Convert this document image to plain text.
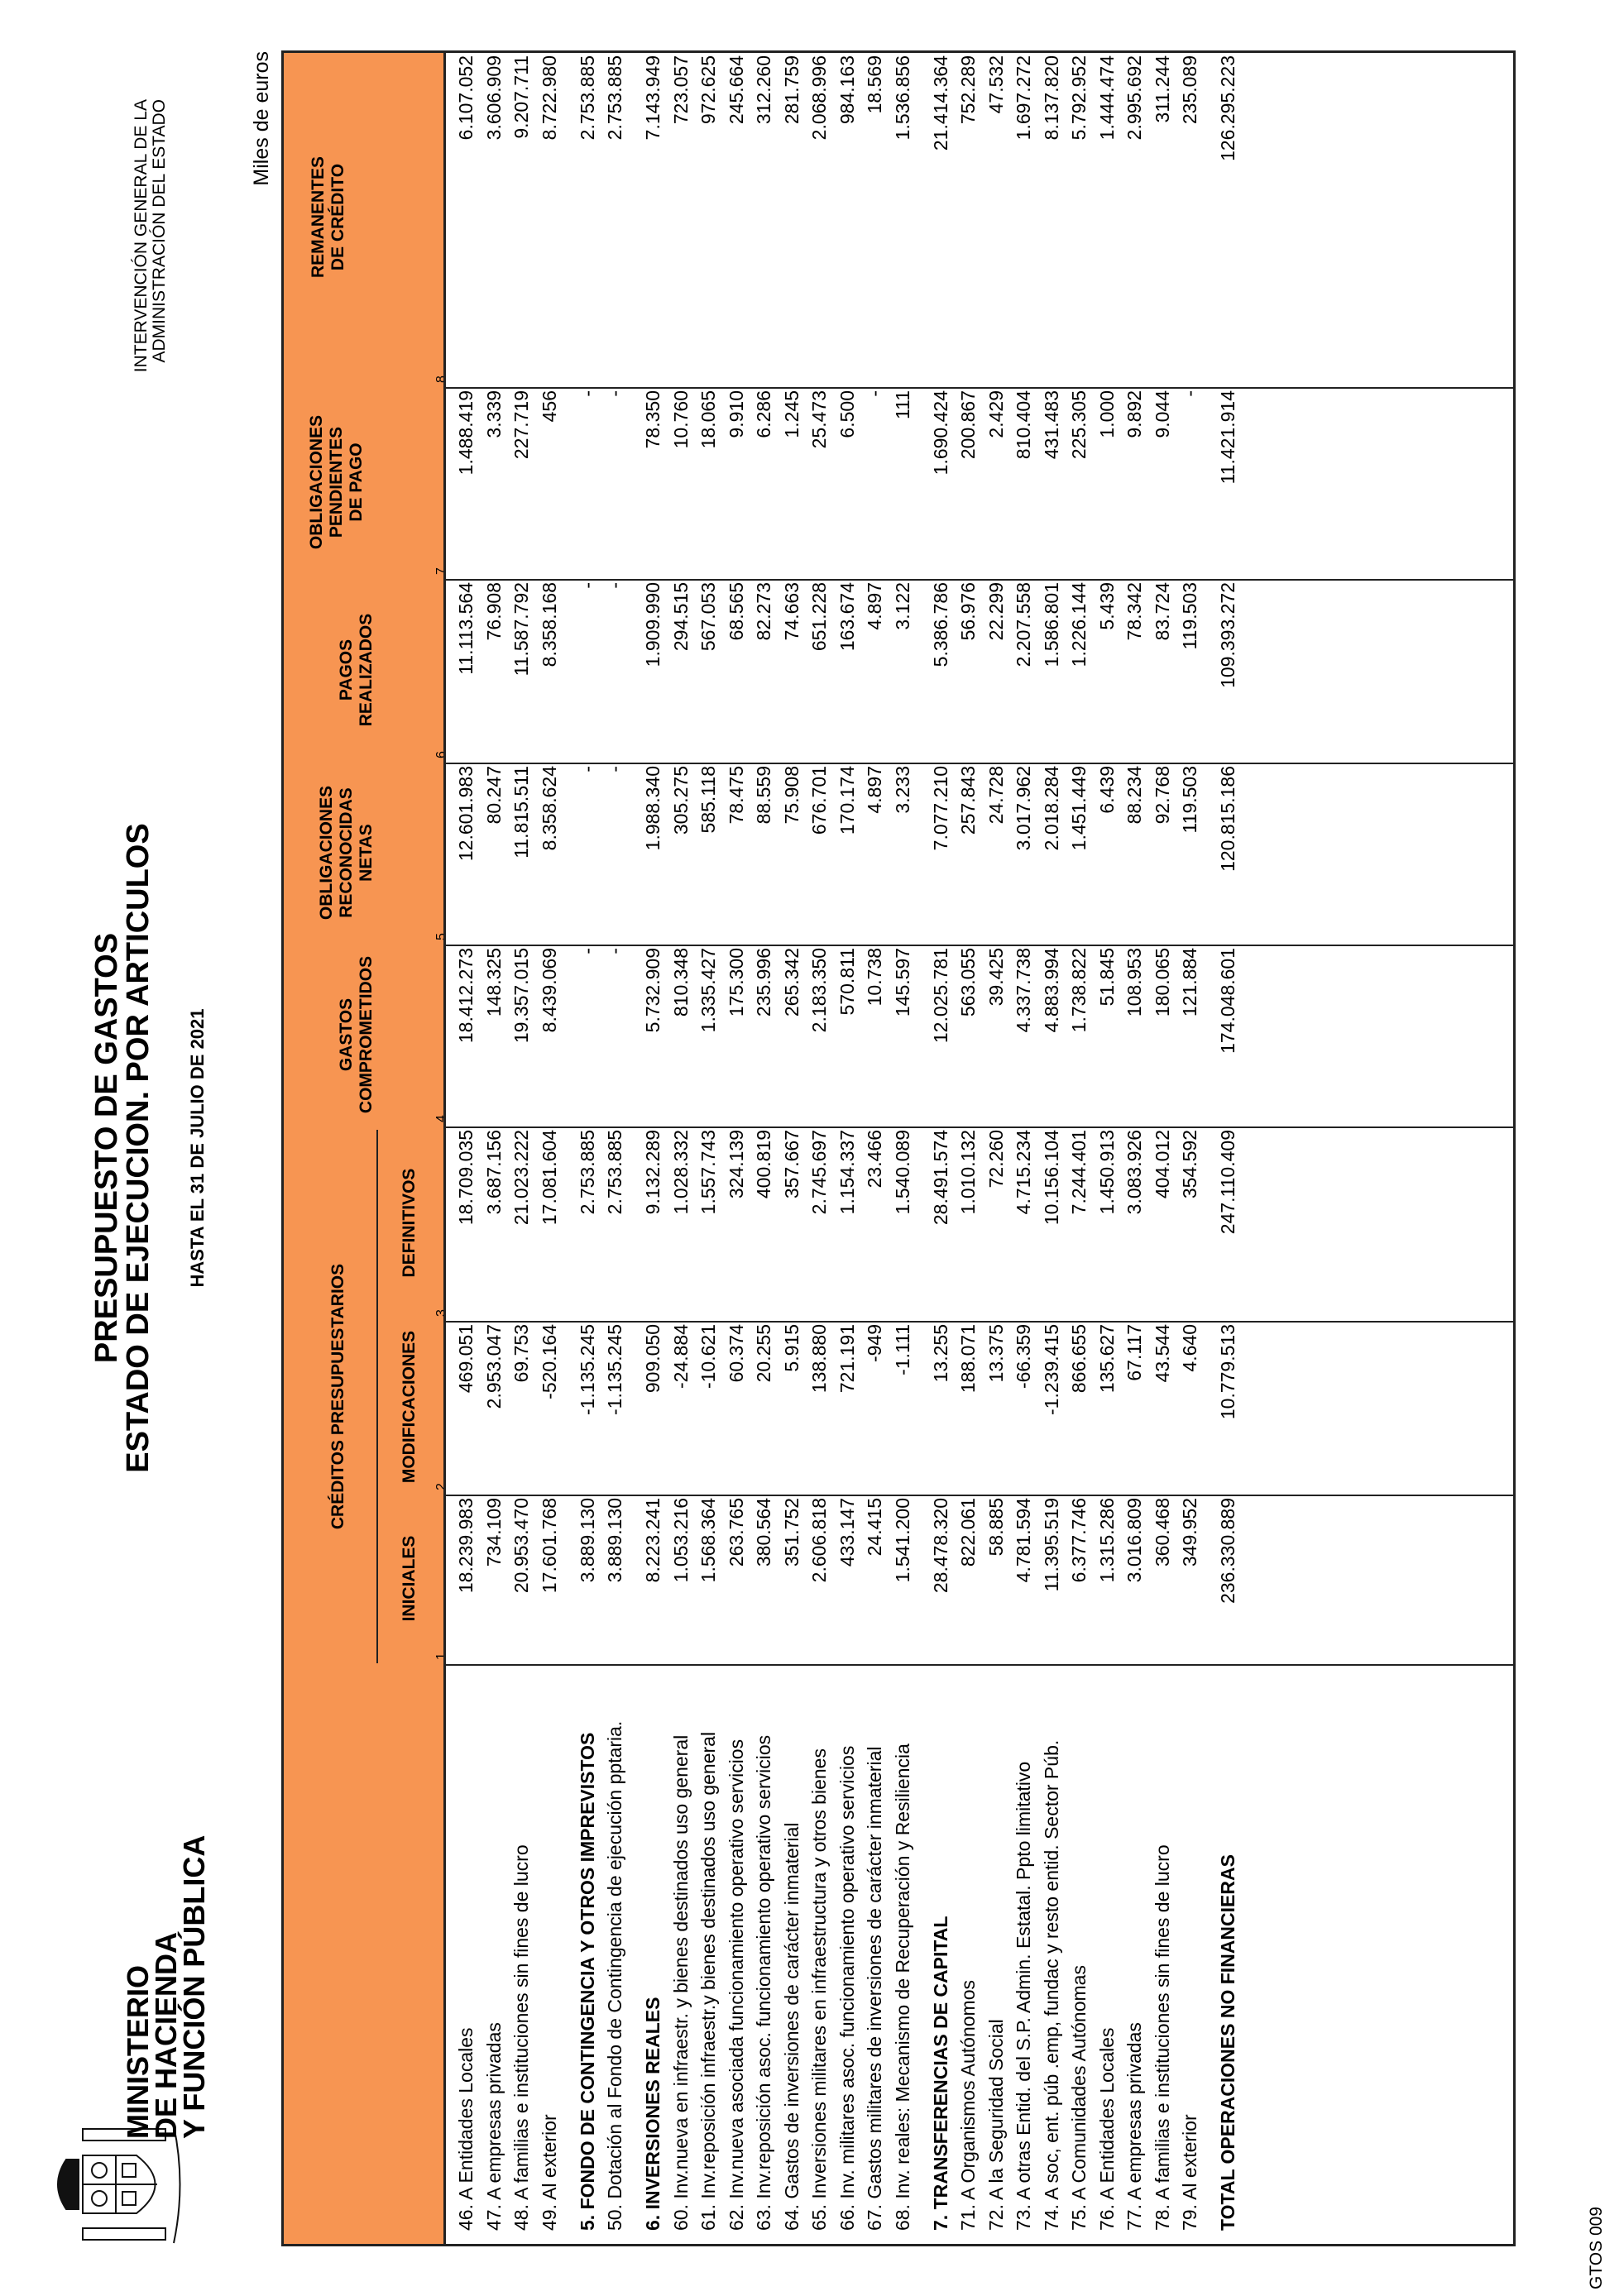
MINISTERIO
DE HACIENDA
Y FUNCIÓN PÚBLICA
PRESUPUESTO DE GASTOS
ESTADO DE EJECUCION. POR ARTICULOS HASTA EL 31 DE JULIO DE 2021
INTERVENCIÓN GENERAL DE LA ADMINISTRACIÓN DEL ESTADO	Miles de euros
CRÉDITOS PRESUPUESTARIOS
INICIALES
MODIFICACIONES
DEFINITIVOS
GASTOS COMPROMETIDOS
OBLIGACIONES RECONOCIDAS NETAS
PAGOS REALIZADOS
OBLIGACIONES PENDIENTES DE PAGO
REMANENTES DE CRÉDITO
1
2
3
4
5
6
7
8
46. A Entidades Locales
18.239.983
469.051
18.709.035
18.412.273
12.601.983
11.113.564
1.488.419
6.107.052
47. A empresas privadas
734.109
2.953.047
3.687.156
148.325
80.247
76.908
3.339
3.606.909
48. A familias e instituciones sin fines de lucro
20.953.470
69.753
21.023.222
19.357.015
11.815.511
11.587.792
227.719
9.207.711
49. Al exterior
17.601.768
-520.164
17.081.604
8.439.069
8.358.624
8.358.168
456
8.722.980
5. FONDO DE CONTINGENCIA Y OTROS IMPREVISTOS
3.889.130
-1.135.245
2.753.885
-
-
-
-
2.753.885
50. Dotación al Fondo de Contingencia de ejecución pptaria.
3.889.130
-1.135.245
2.753.885
-
-
-
-
2.753.885
6. INVERSIONES REALES
8.223.241
909.050
9.132.289
5.732.909
1.988.340
1.909.990
78.350
7.143.949
60. Inv.nueva en infraestr. y bienes destinados uso general
1.053.216
-24.884
1.028.332
810.348
305.275
294.515
10.760
723.057
61. Inv.reposición infraestr.y bienes destinados uso general
1.568.364
-10.621
1.557.743
1.335.427
585.118
567.053
18.065
972.625
62. Inv.nueva asociada funcionamiento operativo servicios
263.765
60.374
324.139
175.300
78.475
68.565
9.910
245.664
63. Inv.reposición asoc. funcionamiento operativo servicios
380.564
20.255
400.819
235.996
88.559
82.273
6.286
312.260
64. Gastos de inversiones de carácter inmaterial
351.752
5.915
357.667
265.342
75.908
74.663
1.245
281.759
65. Inversiones militares en infraestructura y otros bienes
2.606.818
138.880
2.745.697
2.183.350
676.701
651.228
25.473
2.068.996
66. Inv. militares asoc. funcionamiento operativo servicios
433.147
721.191
1.154.337
570.811
170.174
163.674
6.500
984.163
67. Gastos militares de inversiones de carácter inmaterial
24.415
-949
23.466
10.738
4.897
4.897
-
18.569
68. Inv. reales: Mecanismo de Recuperación y Resiliencia
1.541.200
-1.111
1.540.089
145.597
3.233
3.122
111
1.536.856
7. TRANSFERENCIAS DE CAPITAL
28.478.320
13.255
28.491.574
12.025.781
7.077.210
5.386.786
1.690.424
21.414.364
71. A Organismos Autónomos
822.061
188.071
1.010.132
563.055
257.843
56.976
200.867
752.289
72. A la Seguridad Social
58.885
13.375
72.260
39.425
24.728
22.299
2.429
47.532
73. A otras Entid. del S.P. Admin. Estatal. Ppto limitativo
4.781.594
-66.359
4.715.234
4.337.738
3.017.962
2.207.558
810.404
1.697.272
74. A soc, ent. púb .emp, fundac y resto entid. Sector Púb.
11.395.519
-1.239.415
10.156.104
4.883.994
2.018.284
1.586.801
431.483
8.137.820
75. A Comunidades Autónomas
6.377.746
866.655
7.244.401
1.738.822
1.451.449
1.226.144
225.305
5.792.952
76. A Entidades Locales
1.315.286
135.627
1.450.913
51.845
6.439
5.439
1.000
1.444.474
77. A empresas privadas
3.016.809
67.117
3.083.926
108.953
88.234
78.342
9.892
2.995.692
78. A familias e instituciones sin fines de lucro
360.468
43.544
404.012
180.065
92.768
83.724
9.044
311.244
79. Al exterior
349.952
4.640
354.592
121.884
119.503
119.503
-
235.089
TOTAL OPERACIONES NO FINANCIERAS
236.330.889
10.779.513
247.110.409
174.048.601
120.815.186
109.393.272
11.421.914
126.295.223
GTOS 009
